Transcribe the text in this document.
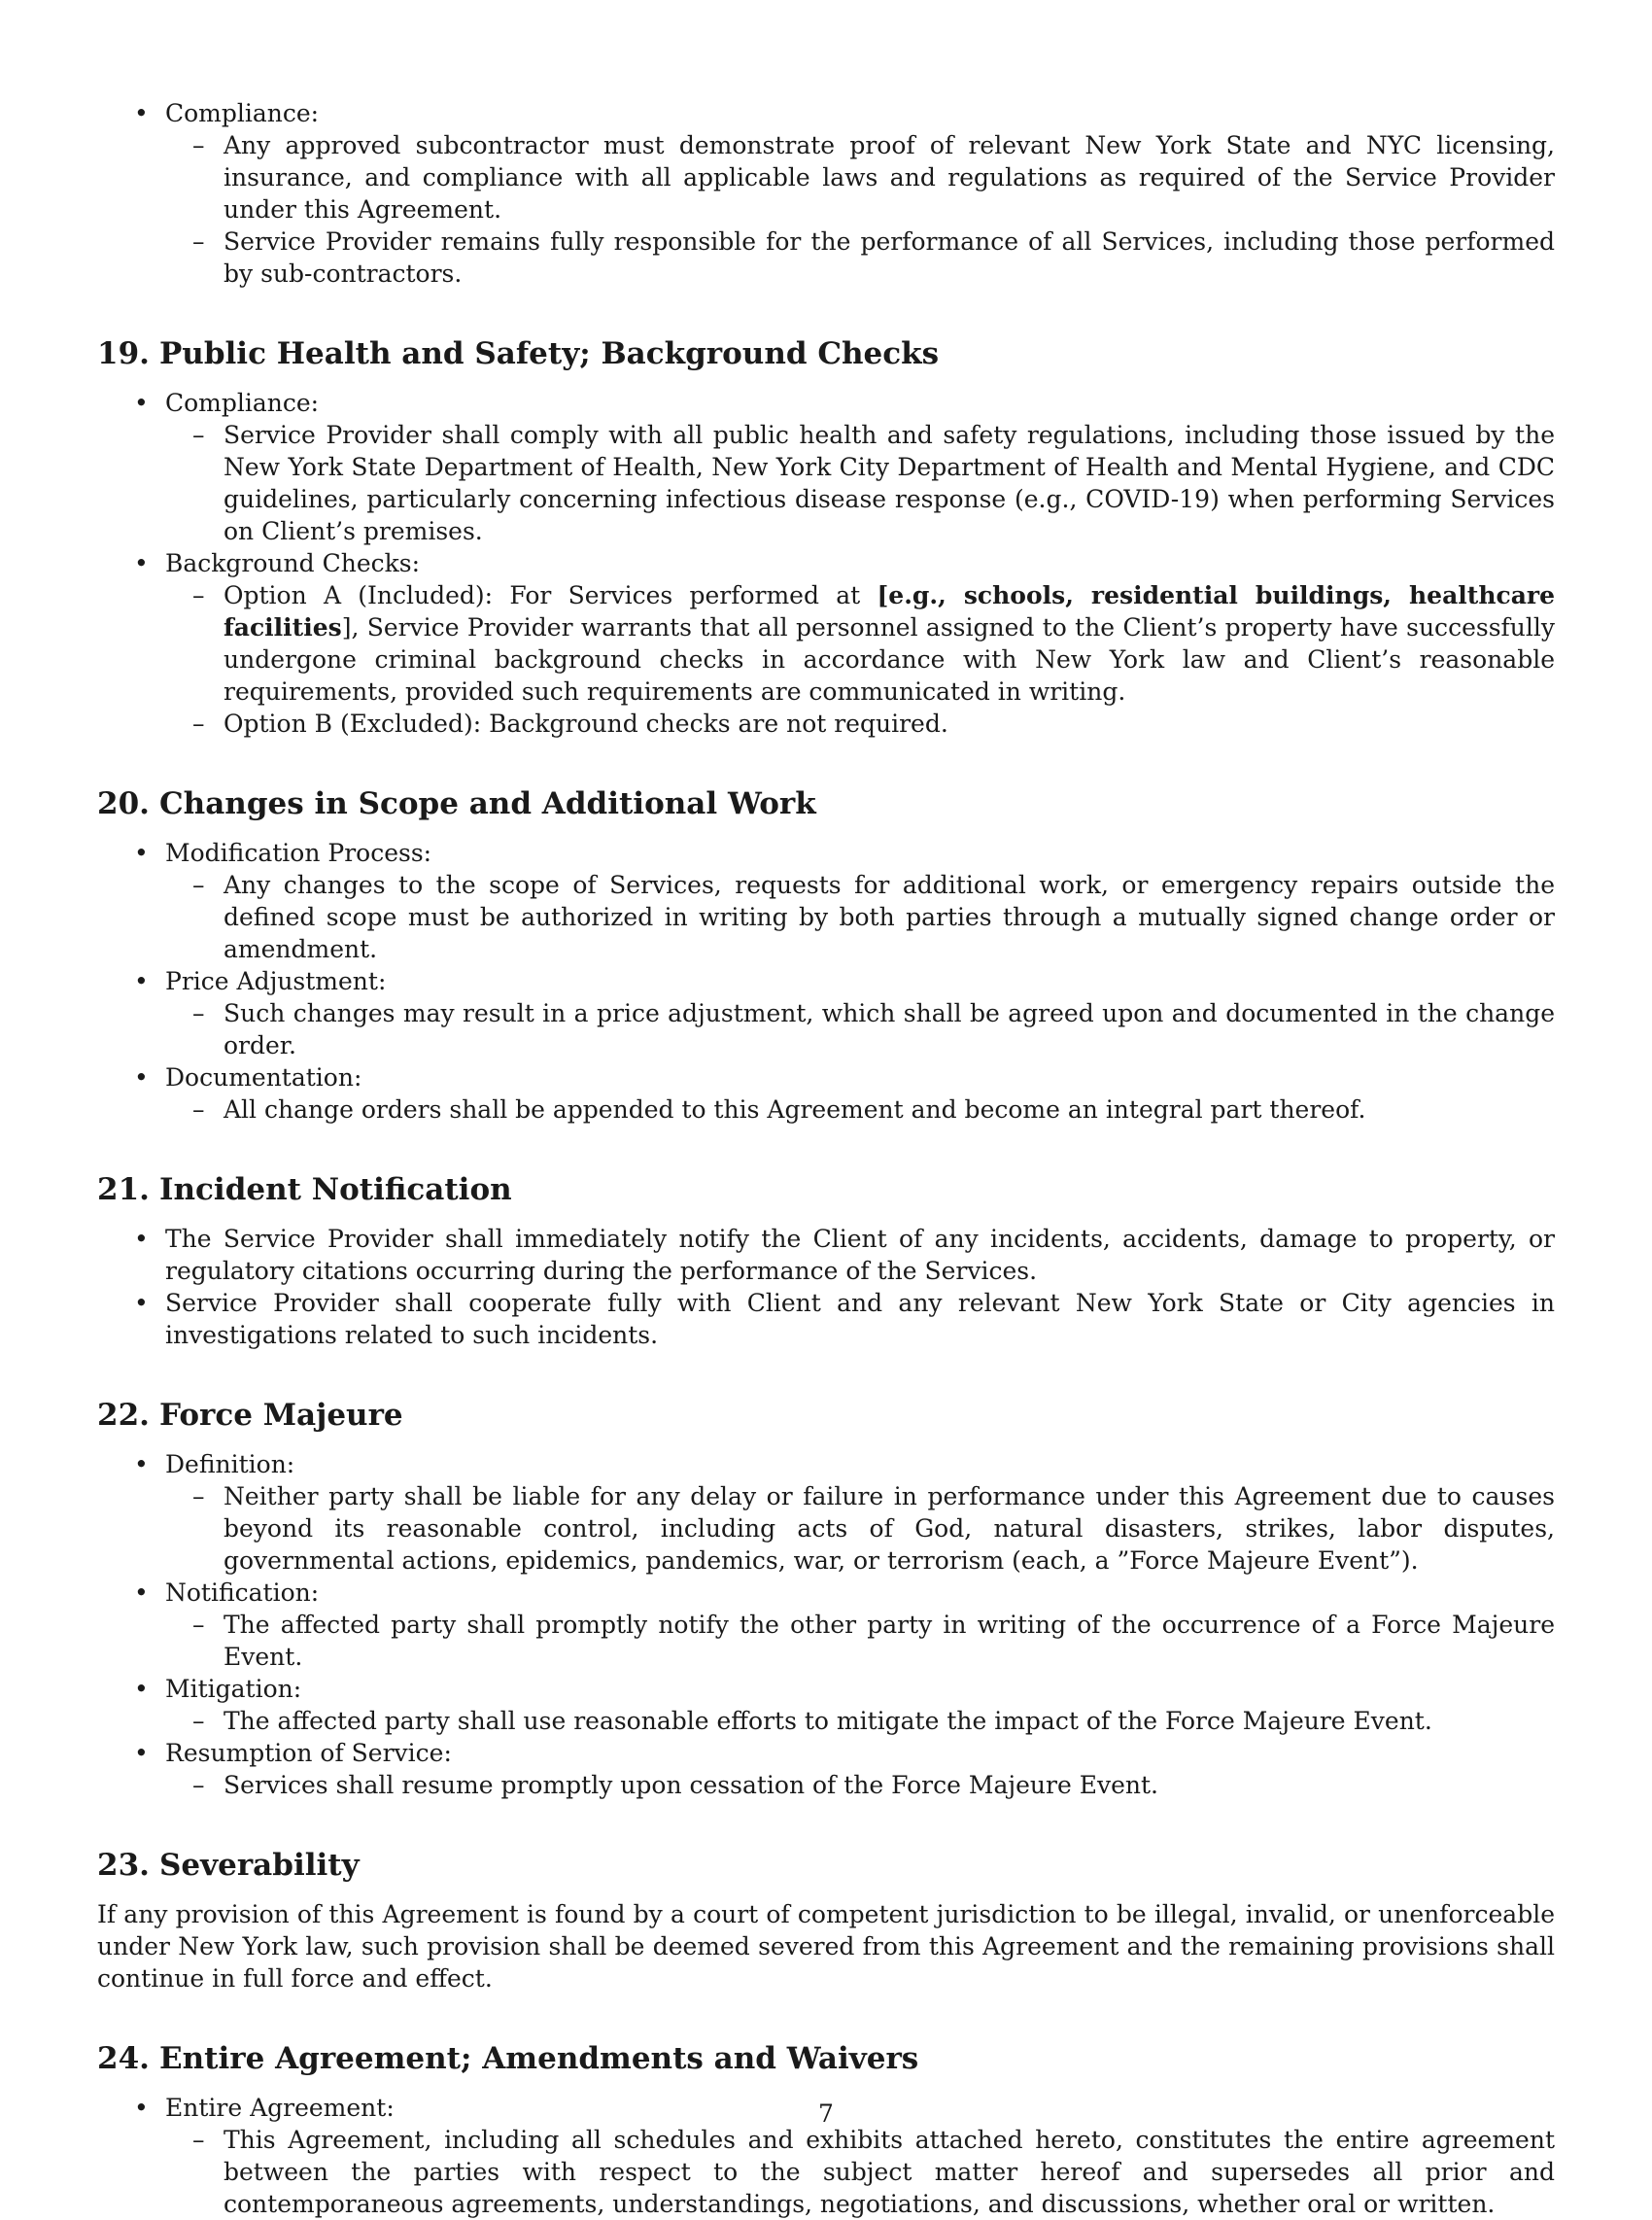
• Compliance:
– Any approved subcontractor must demonstrate proof of relevant New York State and NYC licensing, insurance, and compliance with all applicable laws and regulations as required of the Service Provider under this Agreement.
– Service Provider remains fully responsible for the performance of all Services, including those performed by sub-contractors.
19. Public Health and Safety; Background Checks
• Compliance:
– Service Provider shall comply with all public health and safety regulations, including those issued by the New York State Department of Health, New York City Department of Health and Mental Hygiene, and CDC guidelines, particularly concerning infectious disease response (e.g., COVID-19) when performing Services on Client’s premises.
• Background Checks:
– Option A (Included): For Services performed at [e.g., schools, residential buildings, healthcare facilities], Service Provider warrants that all personnel assigned to the Client’s property have successfully undergone criminal background checks in accordance with New York law and Client’s reasonable requirements, provided such requirements are communicated in writing.
– Option B (Excluded): Background checks are not required.
20. Changes in Scope and Additional Work
• Modification Process:
– Any changes to the scope of Services, requests for additional work, or emergency repairs outside the defined scope must be authorized in writing by both parties through a mutually signed change order or amendment.
• Price Adjustment:
– Such changes may result in a price adjustment, which shall be agreed upon and documented in the change order.
• Documentation:
– All change orders shall be appended to this Agreement and become an integral part thereof.
21. Incident Notification
• The Service Provider shall immediately notify the Client of any incidents, accidents, damage to property, or regulatory citations occurring during the performance of the Services.
• Service Provider shall cooperate fully with Client and any relevant New York State or City agencies in investigations related to such incidents.
22. Force Majeure
• Definition:
– Neither party shall be liable for any delay or failure in performance under this Agreement due to causes beyond its reasonable control, including acts of God, natural disasters, strikes, labor disputes, governmental actions, epidemics, pandemics, war, or terrorism (each, a ”Force Majeure Event”).
• Notification:
– The affected party shall promptly notify the other party in writing of the occurrence of a Force Majeure Event.
• Mitigation:
– The affected party shall use reasonable efforts to mitigate the impact of the Force Majeure Event.
• Resumption of Service:
– Services shall resume promptly upon cessation of the Force Majeure Event.
23. Severability

If any provision of this Agreement is found by a court of competent jurisdiction to be illegal, invalid, or unenforceable under New York law, such provision shall be deemed severed from this Agreement and the remaining provisions shall continue in full force and effect.

24. Entire Agreement; Amendments and Waivers
• Entire Agreement:
– This Agreement, including all schedules and exhibits attached hereto, constitutes the entire agreement between the parties with respect to the subject matter hereof and supersedes all prior and contemporaneous agreements, understandings, negotiations, and discussions, whether oral or written.
7
